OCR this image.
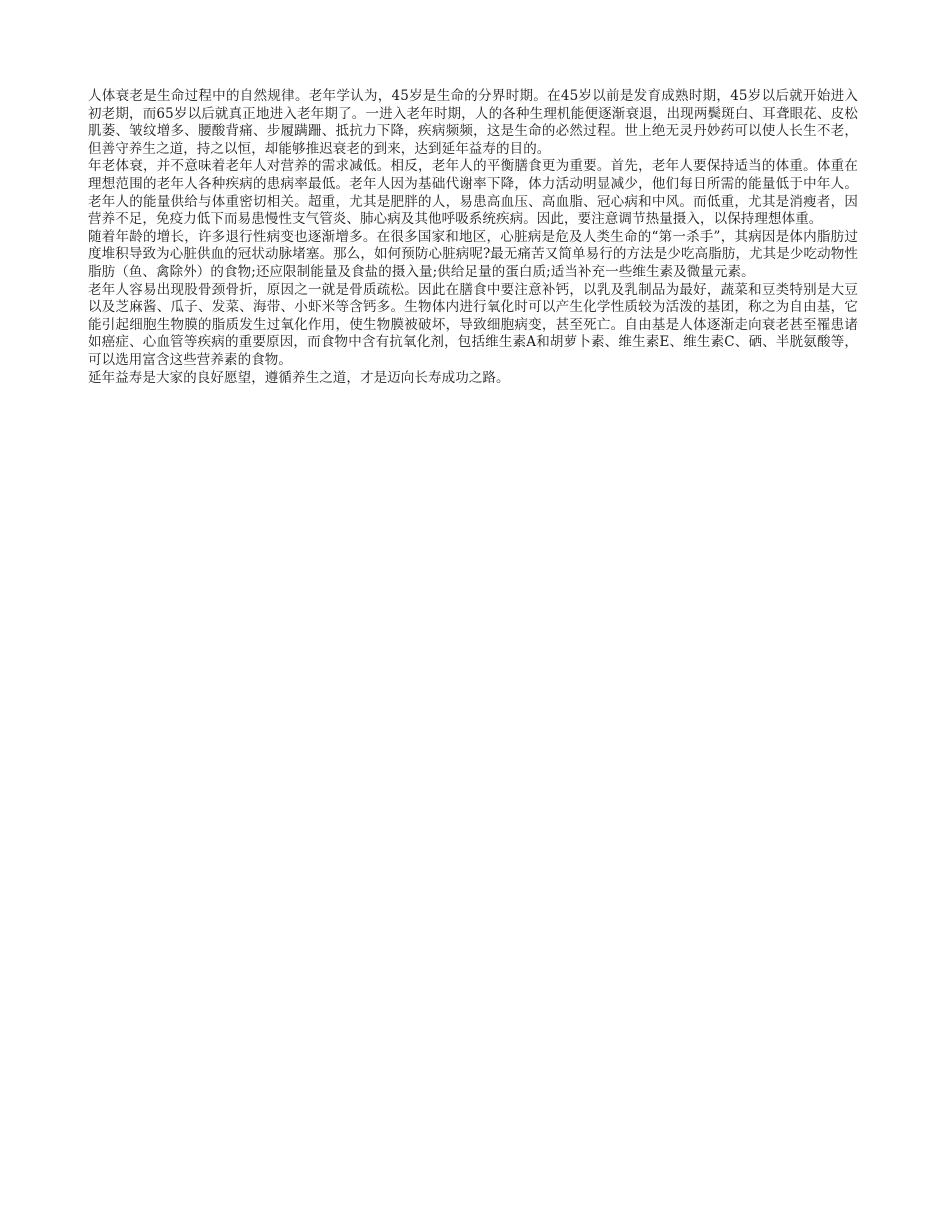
人体衰老是生命过程中的自然规律。老年学认为，45岁是生命的分界时期。在45岁以前是发育成熟时期，45岁以后就开始进入初老期，而65岁以后就真正地进入老年期了。一进入老年时期，人的各种生理机能便逐渐衰退，出现两鬓斑白、耳聋眼花、皮松肌萎、皱纹增多、腰酸背痛、步履蹒跚、抵抗力下降，疾病频频，这是生命的必然过程。世上绝无灵丹妙药可以使人长生不老，但善守养生之道，持之以恒，却能够推迟衰老的到来，达到延年益寿的目的。

年老体衰，并不意味着老年人对营养的需求减低。相反，老年人的平衡膳食更为重要。首先，老年人要保持适当的体重。体重在理想范围的老年人各种疾病的患病率最低。老年人因为基础代谢率下降，体力活动明显减少，他们每日所需的能量低于中年人。老年人的能量供给与体重密切相关。超重，尤其是肥胖的人，易患高血压、高血脂、冠心病和中风。而低重，尤其是消瘦者，因营养不足，免疫力低下而易患慢性支气管炎、肺心病及其他呼吸系统疾病。因此，要注意调节热量摄入，以保持理想体重。

随着年龄的增长，许多退行性病变也逐渐增多。在很多国家和地区，心脏病是危及人类生命的“第一杀手”，其病因是体内脂肪过度堆积导致为心脏供血的冠状动脉堵塞。那么，如何预防心脏病呢?最无痛苦又简单易行的方法是少吃高脂肪，尤其是少吃动物性脂肪（鱼、禽除外）的食物;还应限制能量及食盐的摄入量;供给足量的蛋白质;适当补充一些维生素及微量元素。

老年人容易出现股骨颈骨折，原因之一就是骨质疏松。因此在膳食中要注意补钙，以乳及乳制品为最好，蔬菜和豆类特别是大豆以及芝麻酱、瓜子、发菜、海带、小虾米等含钙多。生物体内进行氧化时可以产生化学性质较为活泼的基团，称之为自由基，它能引起细胞生物膜的脂质发生过氧化作用，使生物膜被破坏，导致细胞病变，甚至死亡。自由基是人体逐渐走向衰老甚至罹患诸如癌症、心血管等疾病的重要原因，而食物中含有抗氧化剂，包括维生素A和胡萝卜素、维生素E、维生素C、硒、半胱氨酸等，可以选用富含这些营养素的食物。

延年益寿是大家的良好愿望，遵循养生之道，才是迈向长寿成功之路。
